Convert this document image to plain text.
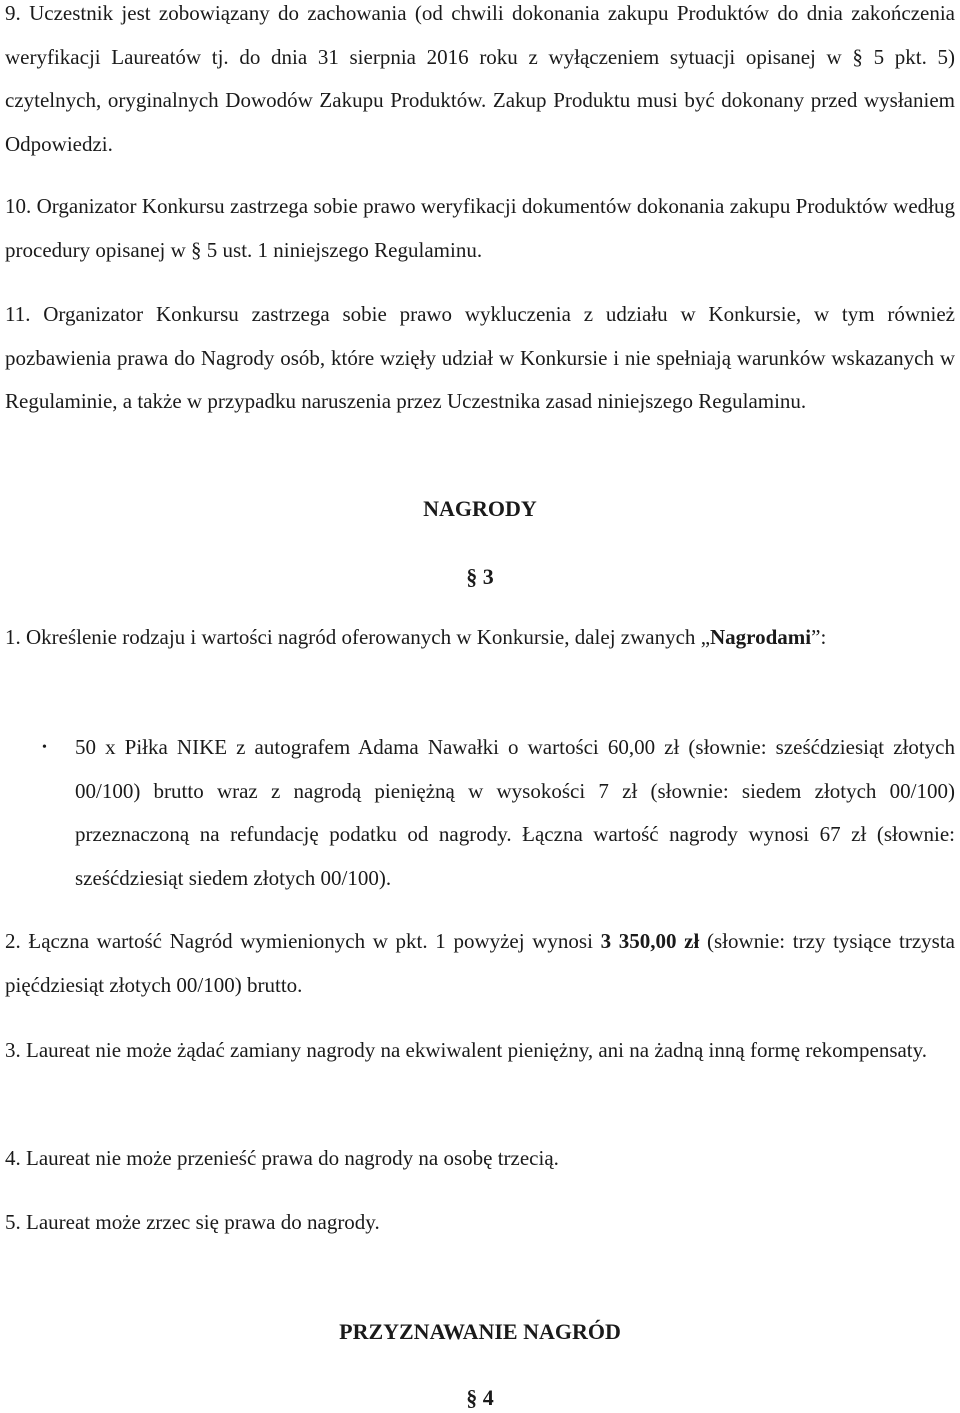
9. Uczestnik jest zobowiązany do zachowania (od chwili dokonania zakupu Produktów do dnia zakończenia weryfikacji Laureatów tj. do dnia 31 sierpnia 2016 roku z wyłączeniem sytuacji opisanej w § 5 pkt. 5) czytelnych, oryginalnych Dowodów Zakupu Produktów. Zakup Produktu musi być dokonany przed wysłaniem Odpowiedzi.

10. Organizator Konkursu zastrzega sobie prawo weryfikacji dokumentów dokonania zakupu Produktów według procedury opisanej w § 5 ust. 1 niniejszego Regulaminu.

11. Organizator Konkursu zastrzega sobie prawo wykluczenia z udziału w Konkursie, w tym również pozbawienia prawa do Nagrody osób, które wzięły udział w Konkursie i nie spełniają warunków wskazanych w Regulaminie, a także w przypadku naruszenia przez Uczestnika zasad niniejszego Regulaminu.

NAGRODY
§ 3

1. Określenie rodzaju i wartości nagród oferowanych w Konkursie, dalej zwanych „Nagrodami”:

• 50 x Piłka NIKE z autografem Adama Nawałki o wartości 60,00 zł (słownie: sześćdziesiąt złotych 00/100) brutto wraz z nagrodą pieniężną w wysokości 7 zł (słownie: siedem złotych 00/100) przeznaczoną na refundację podatku od nagrody. Łączna wartość nagrody wynosi 67 zł (słownie: sześćdziesiąt siedem złotych 00/100).

2. Łączna wartość Nagród wymienionych w pkt. 1 powyżej wynosi 3 350,00 zł (słownie: trzy tysiące trzysta pięćdziesiąt złotych 00/100) brutto.

3. Laureat nie może żądać zamiany nagrody na ekwiwalent pieniężny, ani na żadną inną formę rekompensaty.

4. Laureat nie może przenieść prawa do nagrody na osobę trzecią.

5. Laureat może zrzec się prawa do nagrody.

PRZYZNAWANIE NAGRÓD
§ 4
